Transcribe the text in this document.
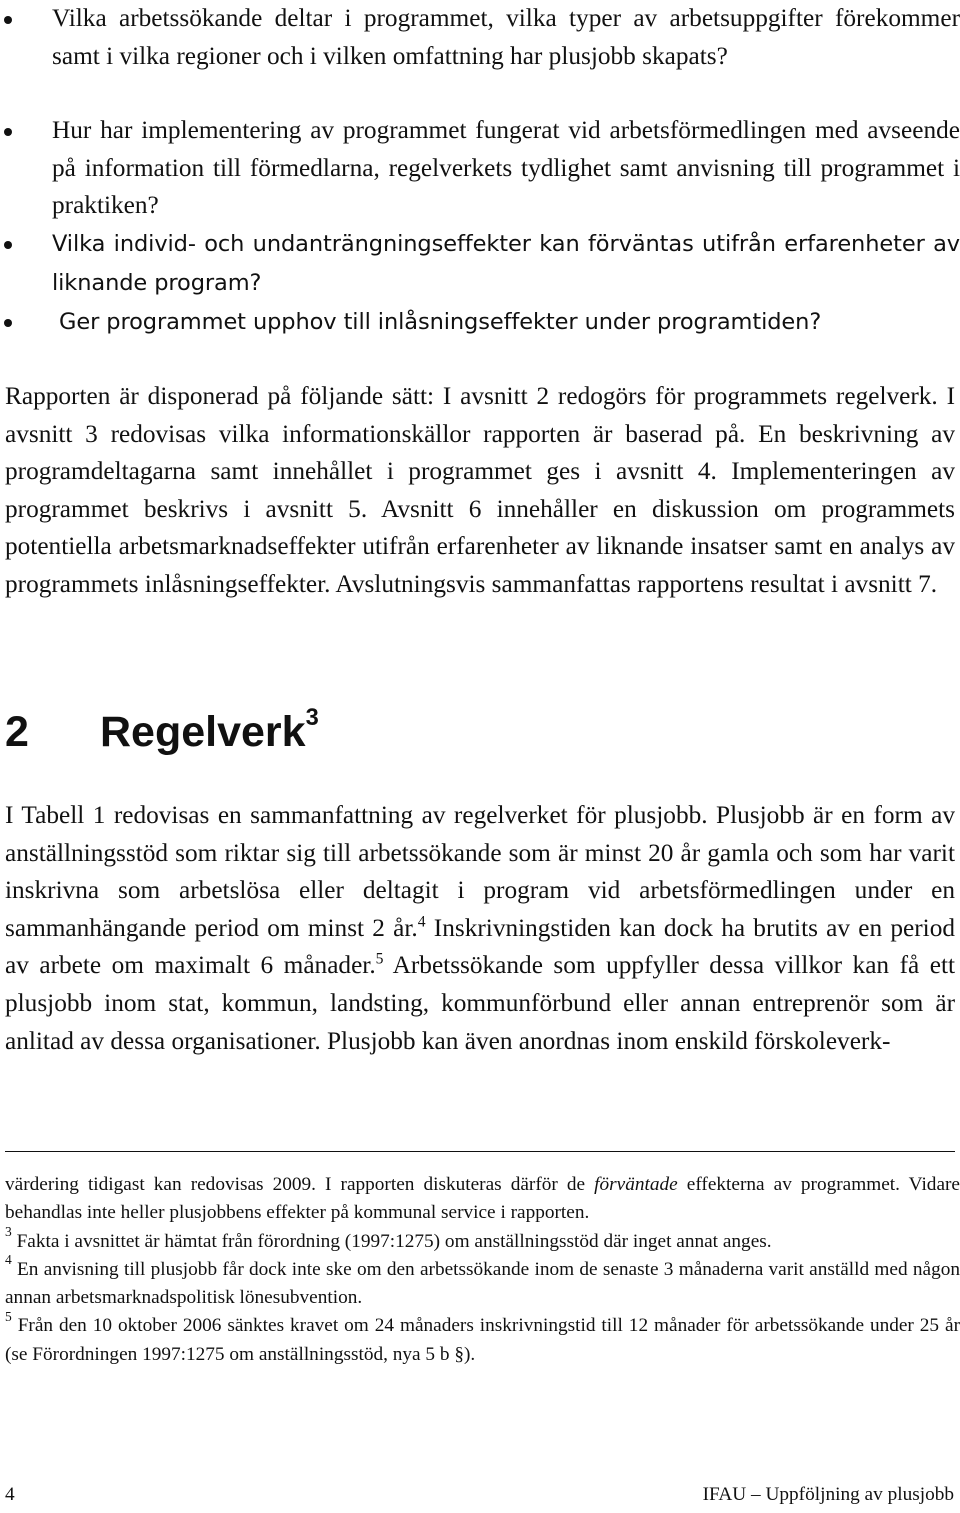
Vilka arbetssökande deltar i programmet, vilka typer av arbetsuppgifter förekommer samt i vilka regioner och i vilken omfattning har plusjobb skapats?
Hur har implementering av programmet fungerat vid arbetsförmedlingen med avseende på information till förmedlarna, regelverkets tydlighet samt anvisning till programmet i praktiken?
Vilka individ- och undanträngningseffekter kan förväntas utifrån erfarenheter av liknande program?
Ger programmet upphov till inlåsningseffekter under programtiden?

Rapporten är disponerad på följande sätt: I avsnitt 2 redogörs för programmets regelverk. I avsnitt 3 redovisas vilka informationskällor rapporten är baserad på. En beskrivning av programdeltagarna samt innehållet i programmet ges i avsnitt 4. Implementeringen av programmet beskrivs i avsnitt 5. Avsnitt 6 innehåller en diskussion om programmets potentiella arbetsmarknadseffekter utifrån erfarenheter av liknande insatser samt en analys av programmets inlåsningseffekter. Avslutningsvis sammanfattas rapportens resultat i avsnitt 7.

2 Regelverk$^3$

I Tabell 1 redovisas en sammanfattning av regelverket för plusjobb. Plusjobb är en form av anställningsstöd som riktar sig till arbetssökande som är minst 20 år gamla och som har varit inskrivna som arbetslösa eller deltagit i program vid arbetsförmedlingen under en sammanhängande period om minst 2 år.$^4$ Inskrivningstiden kan dock ha brutits av en period av arbete om maximalt 6 månader.$^5$ Arbetssökande som uppfyller dessa villkor kan få ett plusjobb inom stat, kommun, landsting, kommunförbund eller annan entreprenör som är anlitad av dessa organisationer. Plusjobb kan även anordnas inom enskild förskoleverk-

värdering tidigast kan redovisas 2009. I rapporten diskuteras därför de förväntade effekterna av programmet. Vidare behandlas inte heller plusjobbens effekter på kommunal service i rapporten.

$^3$ Fakta i avsnittet är hämtat från förordning (1997:1275) om anställningsstöd där inget annat anges.

$^4$ En anvisning till plusjobb får dock inte ske om den arbetssökande inom de senaste 3 månaderna varit anställd med någon annan arbetsmarknadspolitisk lönesubvention.

$^5$ Från den 10 oktober 2006 sänktes kravet om 24 månaders inskrivningstid till 12 månader för arbetssökande under 25 år (se Förordningen 1997:1275 om anställningsstöd, nya 5 b §).

4	IFAU – Uppföljning av plusjobb
